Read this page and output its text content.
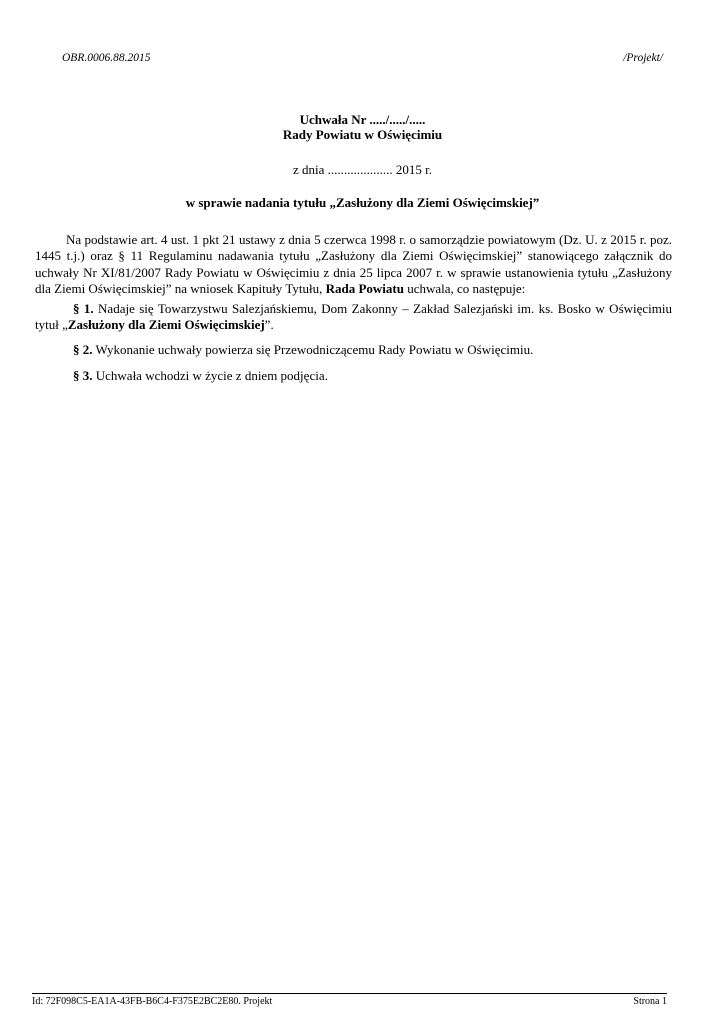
OBR.0006.88.2015	/Projekt/
Uchwała Nr ...../...../.....
Rady Powiatu w Oświęcimiu
z dnia .................... 2015 r.
w sprawie nadania tytułu „Zasłużony dla Ziemi Oświęcimskiej”

Na podstawie art. 4 ust. 1 pkt 21 ustawy z dnia 5 czerwca 1998 r. o samorządzie powiatowym (Dz. U. z 2015 r. poz. 1445 t.j.) oraz § 11 Regulaminu nadawania tytułu „Zasłużony dla Ziemi Oświęcimskiej” stanowiącego załącznik do uchwały Nr XI/81/2007 Rady Powiatu w Oświęcimiu z dnia 25 lipca 2007 r. w sprawie ustanowienia tytułu „Zasłużony dla Ziemi Oświęcimskiej” na wniosek Kapituły Tytułu, Rada Powiatu uchwala, co następuje:

§ 1. Nadaje się Towarzystwu Salezjańskiemu, Dom Zakonny – Zakład Salezjański im. ks. Bosko w Oświęcimiu tytuł „Zasłużony dla Ziemi Oświęcimskiej”.

§ 2. Wykonanie uchwały powierza się Przewodniczącemu Rady Powiatu w Oświęcimiu.

§ 3. Uchwała wchodzi w życie z dniem podjęcia.

Id: 72F098C5-EA1A-43FB-B6C4-F375E2BC2E80. Projekt	Strona 1
